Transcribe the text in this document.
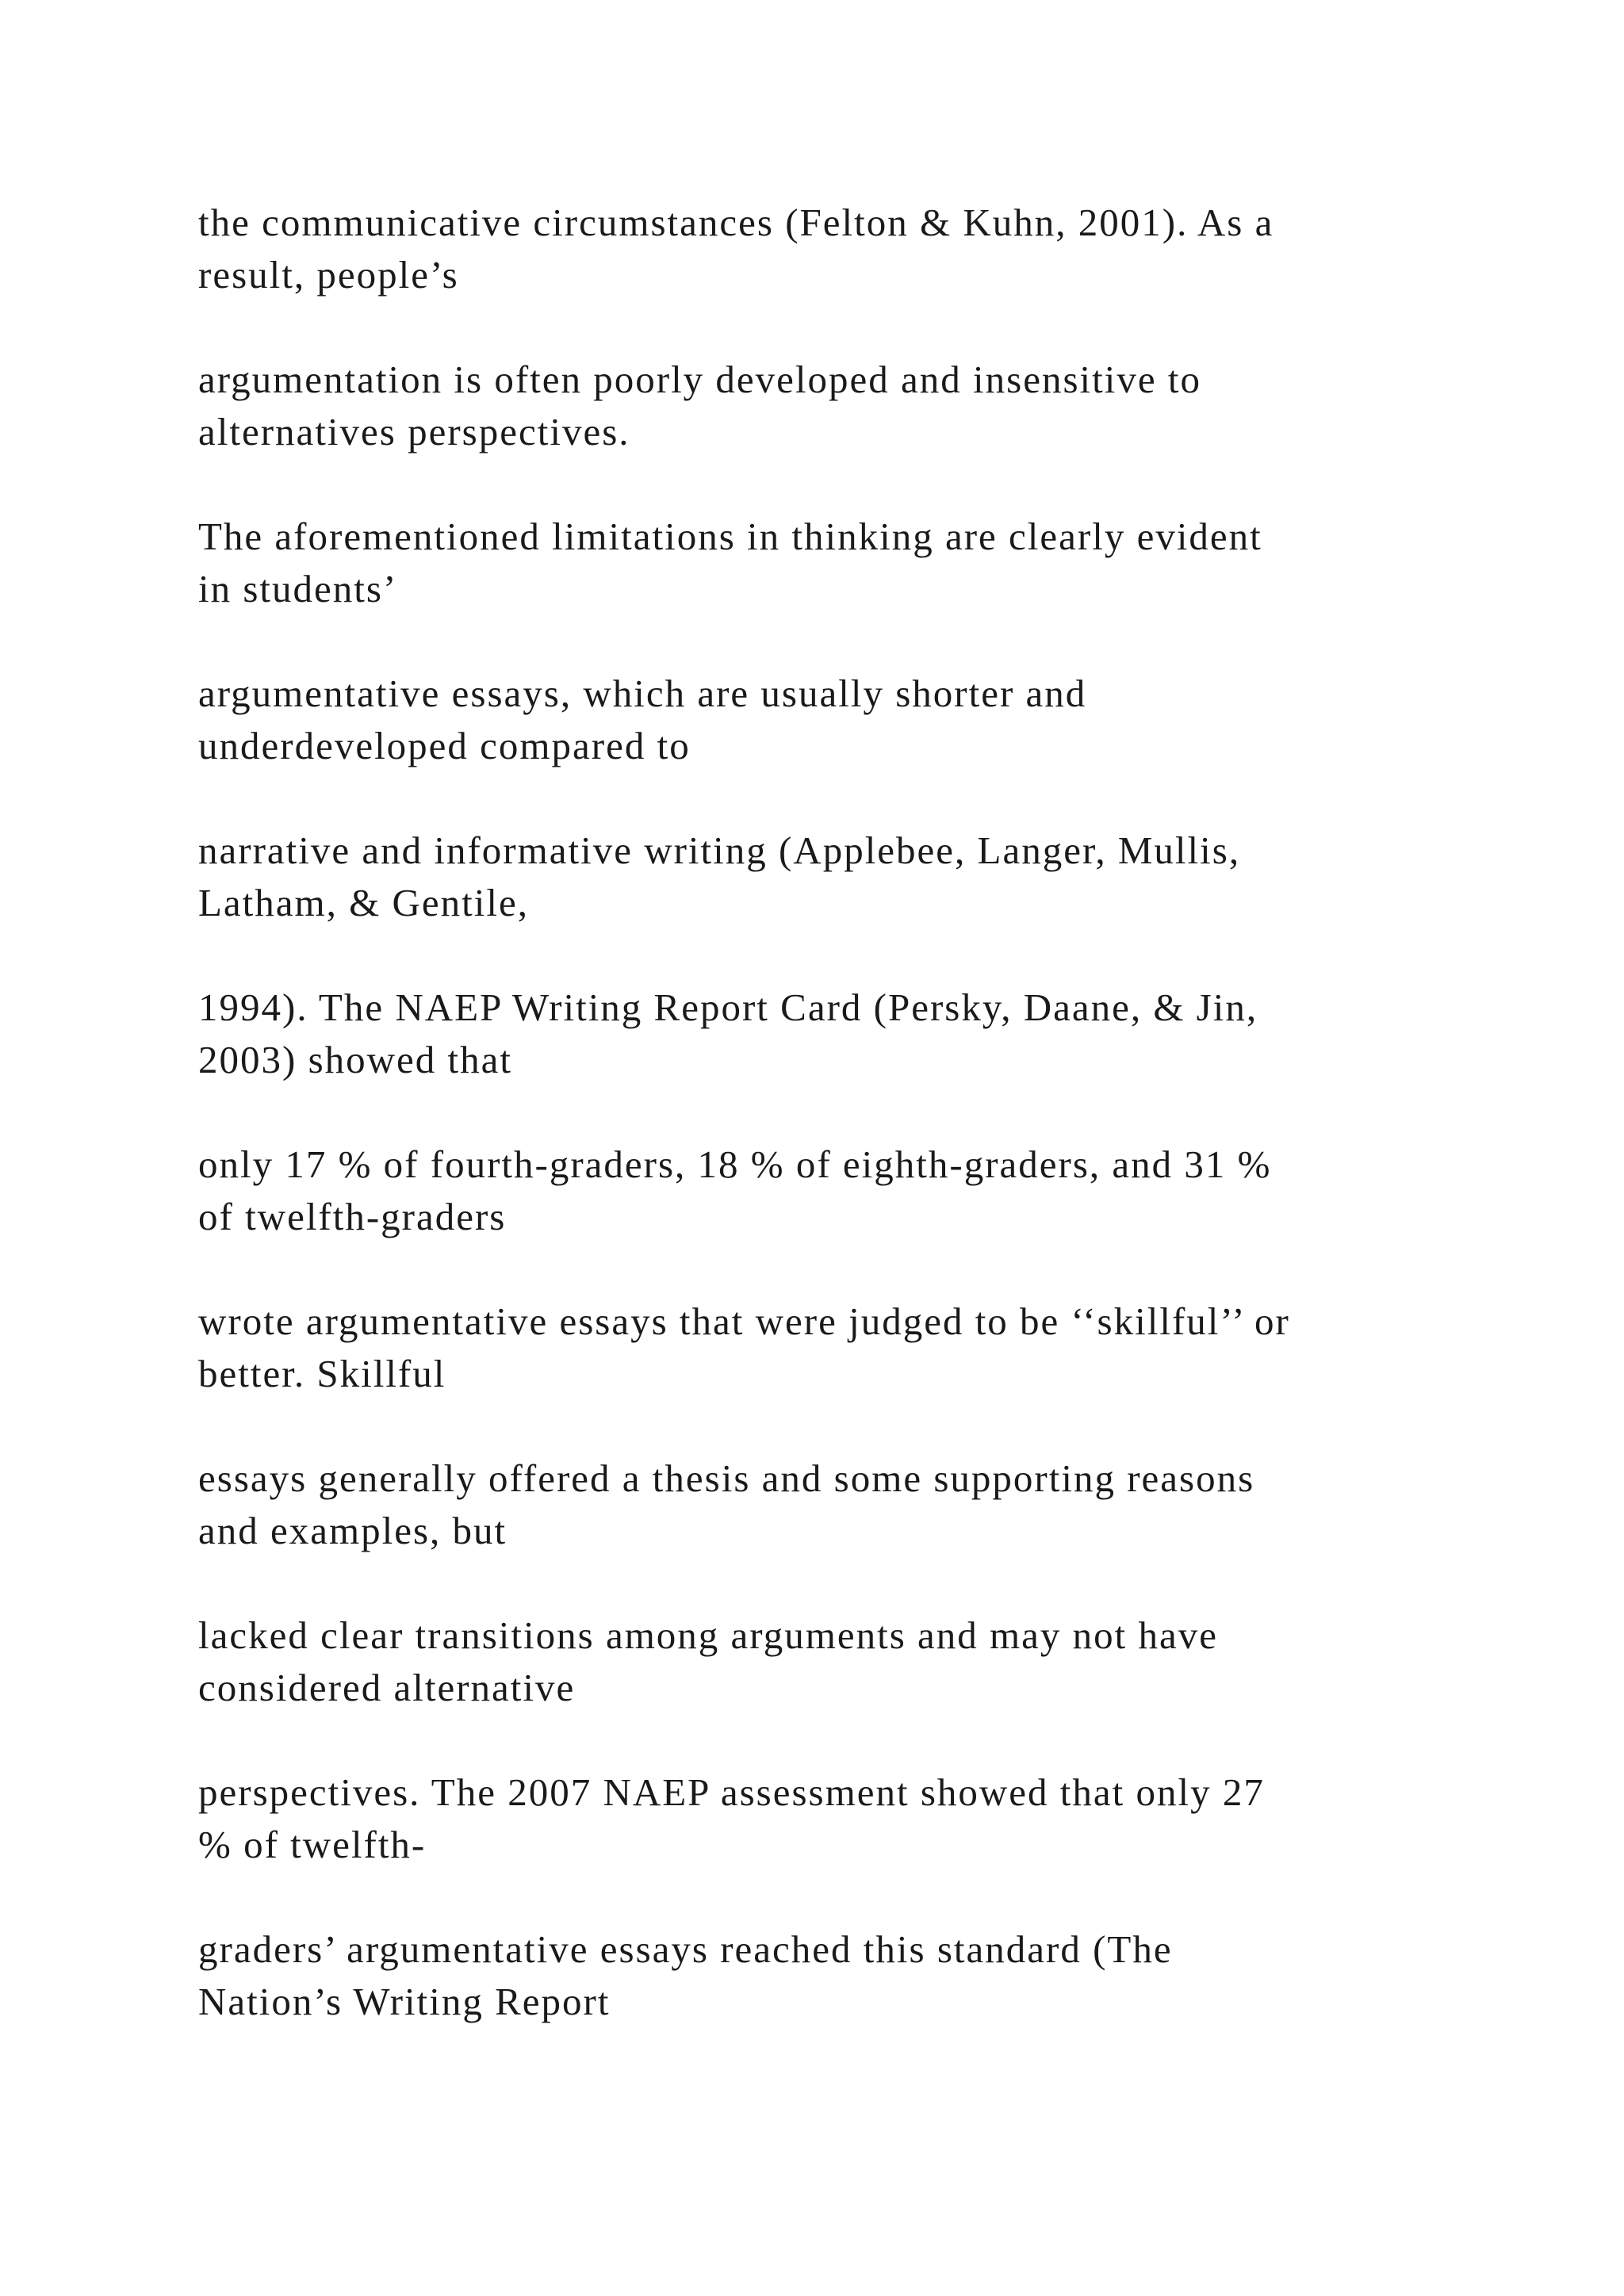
the communicative circumstances (Felton & Kuhn, 2001). As a
result, people’s

argumentation is often poorly developed and insensitive to
alternatives perspectives.

The aforementioned limitations in thinking are clearly evident
in students’

argumentative essays, which are usually shorter and
underdeveloped compared to

narrative and informative writing (Applebee, Langer, Mullis,
Latham, & Gentile,

1994). The NAEP Writing Report Card (Persky, Daane, & Jin,
2003) showed that

only 17 % of fourth-graders, 18 % of eighth-graders, and 31 %
of twelfth-graders

wrote argumentative essays that were judged to be ‘‘skillful’’ or
better. Skillful

essays generally offered a thesis and some supporting reasons
and examples, but

lacked clear transitions among arguments and may not have
considered alternative

perspectives. The 2007 NAEP assessment showed that only 27
% of twelfth-

graders’ argumentative essays reached this standard (The
Nation’s Writing Report
